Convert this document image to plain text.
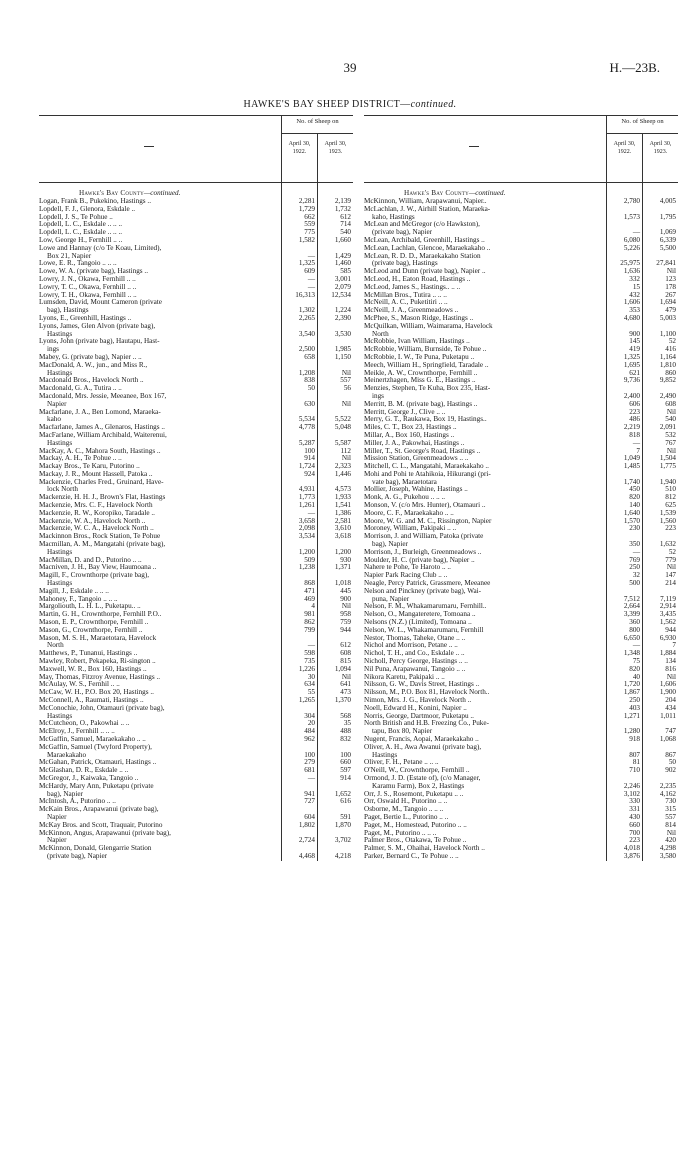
39	H.—23B.
HAWKE'S BAY SHEEP DISTRICT—continued.
No. of Sheep on
April 30,
1922.
April 30,
1923.
Hawke's Bay County—continued.
Logan, Frank B., Pukekino, Hastings ..	2,281	2,139
Lopdell, F. J., Glenora, Eskdale ..	1,729	1,732
Lopdell, J. S., Te Pohue ..	662	612
Lopdell, L. C., Eskdale .. .. ..	559	714
Lopdell, L. C., Eskdale .. .. ..	775	540
Low, George H., Fernhill .. ..	1,582	1,660
Lowe and Hannay (c/o Te Koau, Limited),
Box 21, Napier	—	1,429
Lowe, E. R., Tangoio .. .. ..	1,325	1,460
Lowe, W. A. (private bag), Hastings ..	609	585
Lowry, J. N., Okawa, Fernhill .. ..	—	3,001
Lowry, T. C., Okawa, Fernhill .. ..	—	2,079
Lowry, T. H., Okawa, Fernhill .. ..	16,313	12,534
Lumsden, David, Mount Cameron (private
bag), Hastings	1,302	1,224
Lyons, E., Greenhill, Hastings ..	2,265	2,390
Lyons, James, Glen Alvon (private bag),
Hastings	3,540	3,530
Lyons, John (private bag), Hautapu, Hast-
ings	2,500	1,985
Mabey, G. (private bag), Napier .. ..	658	1,150
MacDonald, A. W., jun., and Miss R.,
Hastings	1,208	Nil
Macdonald Bros., Havelock North ..	838	557
Macdonald, G. A., Tutira .. ..	50	56
Macdonald, Mrs. Jessie, Meeanee, Box 167,
Napier	630	Nil
Macfarlane, J. A., Ben Lomond, Maraeka-
kaho	5,534	5,522
Macfarlane, James A., Glenaros, Hastings ..	4,778	5,048
MacFarlane, William Archibald, Waiterenui,
Hastings	5,287	5,587
MacKay, A. C., Mahora South, Hastings ..	100	112
Mackay, A. H., Te Pohue .. ..	914	Nil
Mackay Bros., Te Karu, Putorino ..	1,724	2,323
Mackay, J. R., Mount Hassell, Patoka ..	924	1,446
Mackenzie, Charles Fred., Gruinard, Have-
lock North	4,931	4,573
Mackenzie, H. H. J., Brown's Flat, Hastings	1,773	1,933
Mackenzie, Mrs. C. F., Havelock North	1,261	1,541
Mackenzie, R. W., Koropiko, Taradale ..	—	1,386
Mackenzie, W. A., Havelock North ..	3,658	2,581
Mackenzie, W. C. A., Havelock North ..	2,098	3,610
Mackinnon Bros., Rock Station, Te Pohue	3,534	3,618
Macmillan, A. M., Mangatahi (private bag),
Hastings	1,200	1,200
MacMillan, D. and D., Putorino .. ..	509	930
Macniven, J. H., Bay View, Haumoana ..	1,238	1,371
Magill, F., Crownthorpe (private bag),
Hastings	868	1,018
Magill, J., Eskdale .. .. ..	471	445
Mahoney, F., Tangoio .. .. ..	469	900
Margoliouth, L. H. L., Puketapu.. ..	4	Nil
Martin, G. H., Crownthorpe, Fernhill P.O..	981	958
Mason, E. P., Crownthorpe, Fernhill ..	862	759
Mason, G., Crownthorpe, Fernhill ..	799	944
Mason, M. S. H., Maraetotara, Havelock
North	—	612
Matthews, P., Tunanui, Hastings ..	598	608
Mawley, Robert, Pekapeka, Ri-sington ..	735	815
Maxwell, W. R., Box 160, Hastings ..	1,226	1,094
May, Thomas, Fitzroy Avenue, Hastings ..	30	Nil
McAulay, W. S., Fernhil .. ..	634	641
McCaw, W. H., P.O. Box 20, Hastings ..	55	473
McConnell, A., Raumati, Hastings ..	1,265	1,370
McConochie, John, Otamauri (private bag),
Hastings	304	568
McCutcheon, O., Pakowhai .. ..	20	35
McElroy, J., Fernhill .. .. ..	484	488
McGaffin, Samuel, Maraekakaho .. ..	962	832
McGaffin, Samuel (Twyford Property),
Maraekakaho	100	100
McGahan, Patrick, Otamauri, Hastings ..	279	660
McGlashan, D. R., Eskdale .. ..	681	597
McGregor, J., Kaiwaka, Tangoio ..	—	914
McHardy, Mary Ann, Puketapu (private
bag), Napier	941	1,652
McIntosh, A., Putorino .. ..	727	616
McKain Bros., Arapawanui (private bag),
Napier	604	591
McKay Bros. and Scott, Traquair, Putorino	1,802	1,870
McKinnon, Angus, Arapawanui (private bag),
Napier	2,724	3,702
McKinnon, Donald, Glengarrie Station
(private bag), Napier	4,468	4,218
No. of Sheep on
April 30,
1922.
April 30,
1923.
Hawke's Bay County—continued.
McKinnon, William, Arapawanui, Napier..	2,780	4,005
McLachlan, J. W., Airhill Station, Maraeka-
kaho, Hastings	1,573	1,795
McLean and McGregor (c/o Hawkston),
(private bag), Napier	—	1,069
McLean, Archibald, Greenhill, Hastings ..	6,080	6,339
McLean, Lachlan, Glencoe, Maraekakaho ..	5,226	5,500
McLean, R. D. D., Maraekakaho Station
(private bag), Hastings	25,975	27,841
McLeod and Dunn (private bag), Napier ..	1,636	Nil
McLeod, H., Eaton Road, Hastings ..	332	123
McLeod, James S., Hastings.. .. ..	15	178
McMillan Bros., Tutira .. .. ..	432	267
McNeill, A. C., Puketitiri .. ..	1,606	1,694
McNeill, J. A., Greenmeadows ..	353	479
McPhee, S., Mason Ridge, Hastings ..	4,680	5,003
McQuilkan, William, Waimarama, Havelock
North	900	1,100
McRobbie, Ivan William, Hastings ..	145	52
McRobbie, William, Burnside, Te Pohue ..	419	416
McRobbie, I. W., Te Puna, Puketapu ..	1,325	1,164
Meech, William H., Springfield, Taradale ..	1,695	1,810
Meikle, A. W., Crownthorpe, Fernhill ..	621	860
Meinertzhagen, Miss G. E., Hastings ..	9,736	9,852
Menzies, Stephen, Te Kuha, Box 235, Hast-
ings	2,400	2,490
Merritt, B. M. (private bag), Hastings ..	606	608
Merritt, George J., Clive .. ..	223	Nil
Merry, G. T., Raukawa, Box 19, Hastings..	486	540
Miles, C. T., Box 23, Hastings ..	2,219	2,091
Millar, A., Box 160, Hastings ..	818	532
Miller, J. A., Pakowhai, Hastings ..	—	767
Miller, T., St. George's Road, Hastings ..	7	Nil
Mission Station, Greenmeadows .. ..	1,049	1,504
Mitchell, C. L., Mangatahi, Maraekakaho ..	1,485	1,775
Mohi and Pohi te Atahikoia, Hikurangi (pri-
vate bag), Maraetotara	1,740	1,940
Mollier, Joseph, Wahine, Hastings ..	450	510
Monk, A. G., Pukehou .. .. ..	820	812
Monson, V. (c/o Mrs. Hunter), Otamauri ..	140	625
Moore, C. F., Maraekakaho .. ..	1,640	1,539
Moore, W. G. and M. C., Rissington, Napier	1,570	1,560
Moroney, William, Pakipaki .. ..	230	223
Morrison, J. and William, Patoka (private
bag), Napier	350	1,632
Morrison, J., Burleigh, Greenmeadows ..	—	52
Moulder, H. C. (private bag), Napier ..	769	779
Nahere te Pohe, Te Haroto .. ..	250	Nil
Napier Park Racing Club .. ..	32	147
Neagle, Percy Patrick, Grassmere, Meeanee	500	214
Nelson and Pinckney (private bag), Wai-
puna, Napier	7,512	7,119
Nelson, F. M., Whakamarumaru, Fernhill..	2,664	2,914
Nelson, O., Mangateretere, Tomoana ..	3,399	3,435
Nelsons (N.Z.) (Limited), Tomoana ..	360	1,562
Nelson, W. L., Whakamarumaru, Fernhill	800	944
Nestor, Thomas, Taheke, Otane .. ..	6,650	6,930
Nichol and Morrison, Petane .. ..	—	7
Nichol, T. H., and Co., Eskdale .. ..	1,348	1,884
Nicholl, Percy George, Hastings .. ..	75	134
Nil Puna, Arapawanui, Tangoio .. ..	820	816
Nikora Karetu, Pakipaki .. ..	40	Nil
Nilsson, G. W., Davis Street, Hastings ..	1,720	1,606
Nilsson, M., P.O. Box 81, Havelock North..	1,867	1,900
Nimon, Mrs. J. G., Havelock North ..	250	204
Noell, Edward H., Konini, Napier ..	403	434
Norris, George, Dartmoor, Puketapu ..	1,271	1,011
North British and H.B. Freezing Co., Puke-
tapu, Box 80, Napier	1,280	747
Nugent, Francis, Aopai, Maraekakaho ..	918	1,068
Oliver, A. H., Awa Awanui (private bag),
Hastings	807	867
Oliver, F. H., Petane .. .. ..	81	50
O'Neill, W., Crownthorpe, Fernhill ..	710	902
Ormond, J. D. (Estate of), (c/o Manager,
Karamu Farm), Box 2, Hastings	2,246	2,235
Orr, J. S., Rosemont, Puketapu .. ..	3,102	4,162
Orr, Oswald H., Putorino .. ..	330	730
Osborne, M., Tangoio .. .. ..	331	315
Paget, Bertie L., Putorino .. ..	430	557
Paget, M., Homestead, Putorino .. ..	660	814
Paget, M., Putorino .. .. ..	700	Nil
Palmer Bros., Otakawa, Te Pohue ..	223	420
Palmer, S. M., Ohaihai, Havelock North ..	4,018	4,298
Parker, Bernard C., Te Pohue .. ..	3,876	3,580
